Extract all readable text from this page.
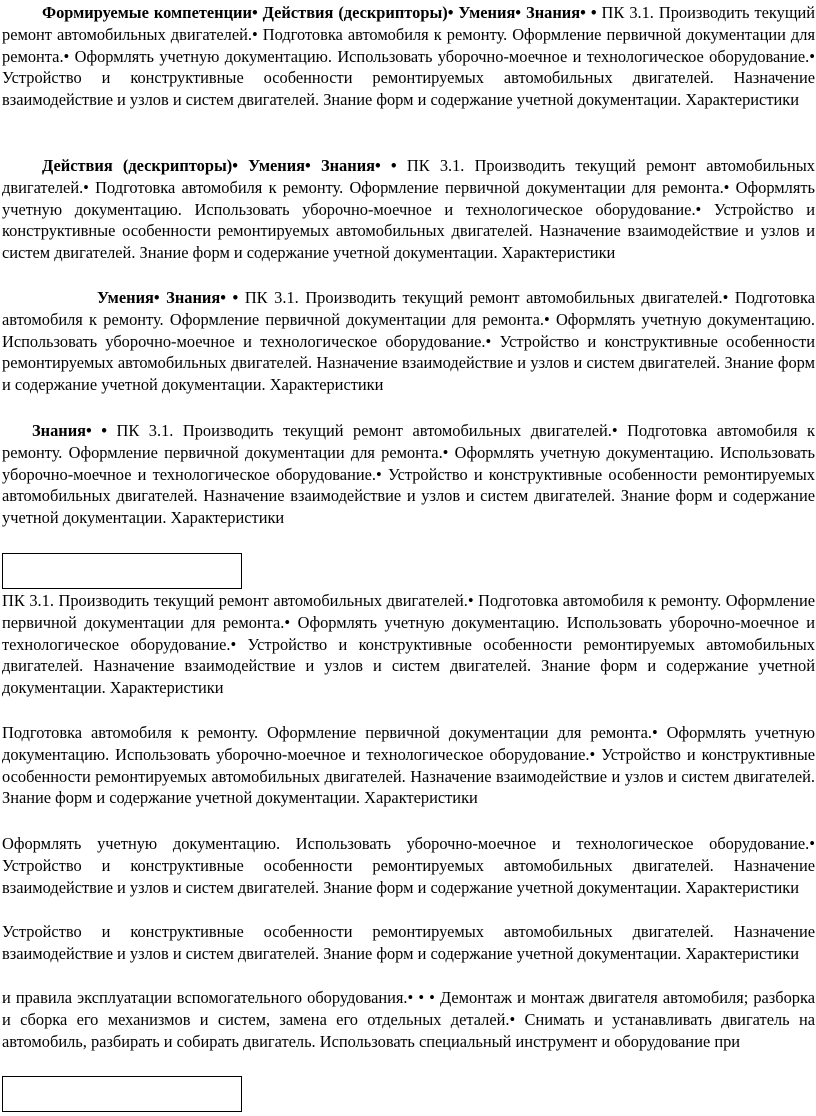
Формируемые компетенции• Действия (дескрипторы)• Умения• Знания• • ПК 3.1. Производить текущий ремонт автомобильных двигателей.• Подготовка автомобиля к ремонту. Оформление первичной документации для ремонта.• Оформлять учетную документацию. Использовать уборочно-моечное и технологическое оборудование.• Устройство и конструктивные особенности ремонтируемых автомобильных двигателей. Назначение взаимодействие и узлов и систем двигателей. Знание форм и содержание учетной документации. Характеристики

Действия (дескрипторы)• Умения• Знания• • ПК 3.1. Производить текущий ремонт автомобильных двигателей.• Подготовка автомобиля к ремонту. Оформление первичной документации для ремонта.• Оформлять учетную документацию. Использовать уборочно-моечное и технологическое оборудование.• Устройство и конструктивные особенности ремонтируемых автомобильных двигателей. Назначение взаимодействие и узлов и систем двигателей. Знание форм и содержание учетной документации. Характеристики

Умения• Знания• • ПК 3.1. Производить текущий ремонт автомобильных двигателей.• Подготовка автомобиля к ремонту. Оформление первичной документации для ремонта.• Оформлять учетную документацию. Использовать уборочно-моечное и технологическое оборудование.• Устройство и конструктивные особенности ремонтируемых автомобильных двигателей. Назначение взаимодействие и узлов и систем двигателей. Знание форм и содержание учетной документации. Характеристики

Знания• • ПК 3.1. Производить текущий ремонт автомобильных двигателей.• Подготовка автомобиля к ремонту. Оформление первичной документации для ремонта.• Оформлять учетную документацию. Использовать уборочно-моечное и технологическое оборудование.• Устройство и конструктивные особенности ремонтируемых автомобильных двигателей. Назначение взаимодействие и узлов и систем двигателей. Знание форм и содержание учетной документации. Характеристики

ПК 3.1. Производить текущий ремонт автомобильных двигателей.• Подготовка автомобиля к ремонту. Оформление первичной документации для ремонта.• Оформлять учетную документацию. Использовать уборочно-моечное и технологическое оборудование.• Устройство и конструктивные особенности ремонтируемых автомобильных двигателей. Назначение взаимодействие и узлов и систем двигателей. Знание форм и содержание учетной документации. Характеристики

Подготовка автомобиля к ремонту. Оформление первичной документации для ремонта.• Оформлять учетную документацию. Использовать уборочно-моечное и технологическое оборудование.• Устройство и конструктивные особенности ремонтируемых автомобильных двигателей. Назначение взаимодействие и узлов и систем двигателей. Знание форм и содержание учетной документации. Характеристики

Оформлять учетную документацию. Использовать уборочно-моечное и технологическое оборудование.• Устройство и конструктивные особенности ремонтируемых автомобильных двигателей. Назначение взаимодействие и узлов и систем двигателей. Знание форм и содержание учетной документации. Характеристики

Устройство и конструктивные особенности ремонтируемых автомобильных двигателей. Назначение взаимодействие и узлов и систем двигателей. Знание форм и содержание учетной документации. Характеристики

и правила эксплуатации вспомогательного оборудования.• • • Демонтаж и монтаж двигателя автомобиля; разборка и сборка его механизмов и систем, замена его отдельных деталей.• Снимать и устанавливать двигатель на автомобиль, разбирать и собирать двигатель. Использовать специальный инструмент и оборудование при
